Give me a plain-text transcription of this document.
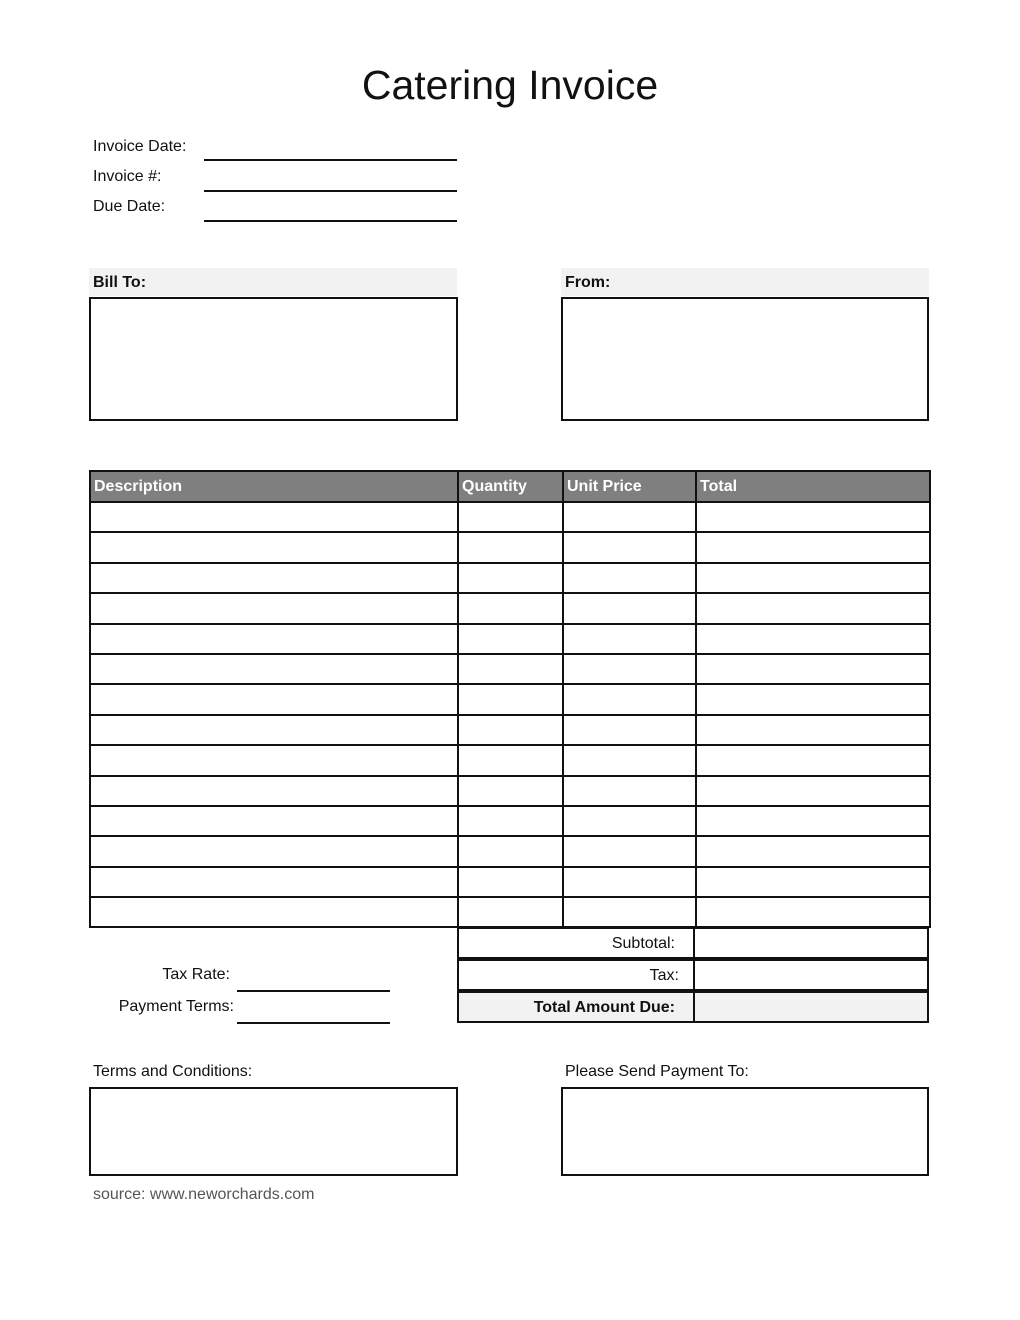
Catering Invoice
Invoice Date:
Invoice #:
Due Date:
Bill To:	From:
Description	Quantity	Unit Price	Total

Subtotal:
Tax:
Total Amount Due:
Tax Rate:
Payment Terms:
Terms and Conditions:	Please Send Payment To:
source: www.neworchards.com
